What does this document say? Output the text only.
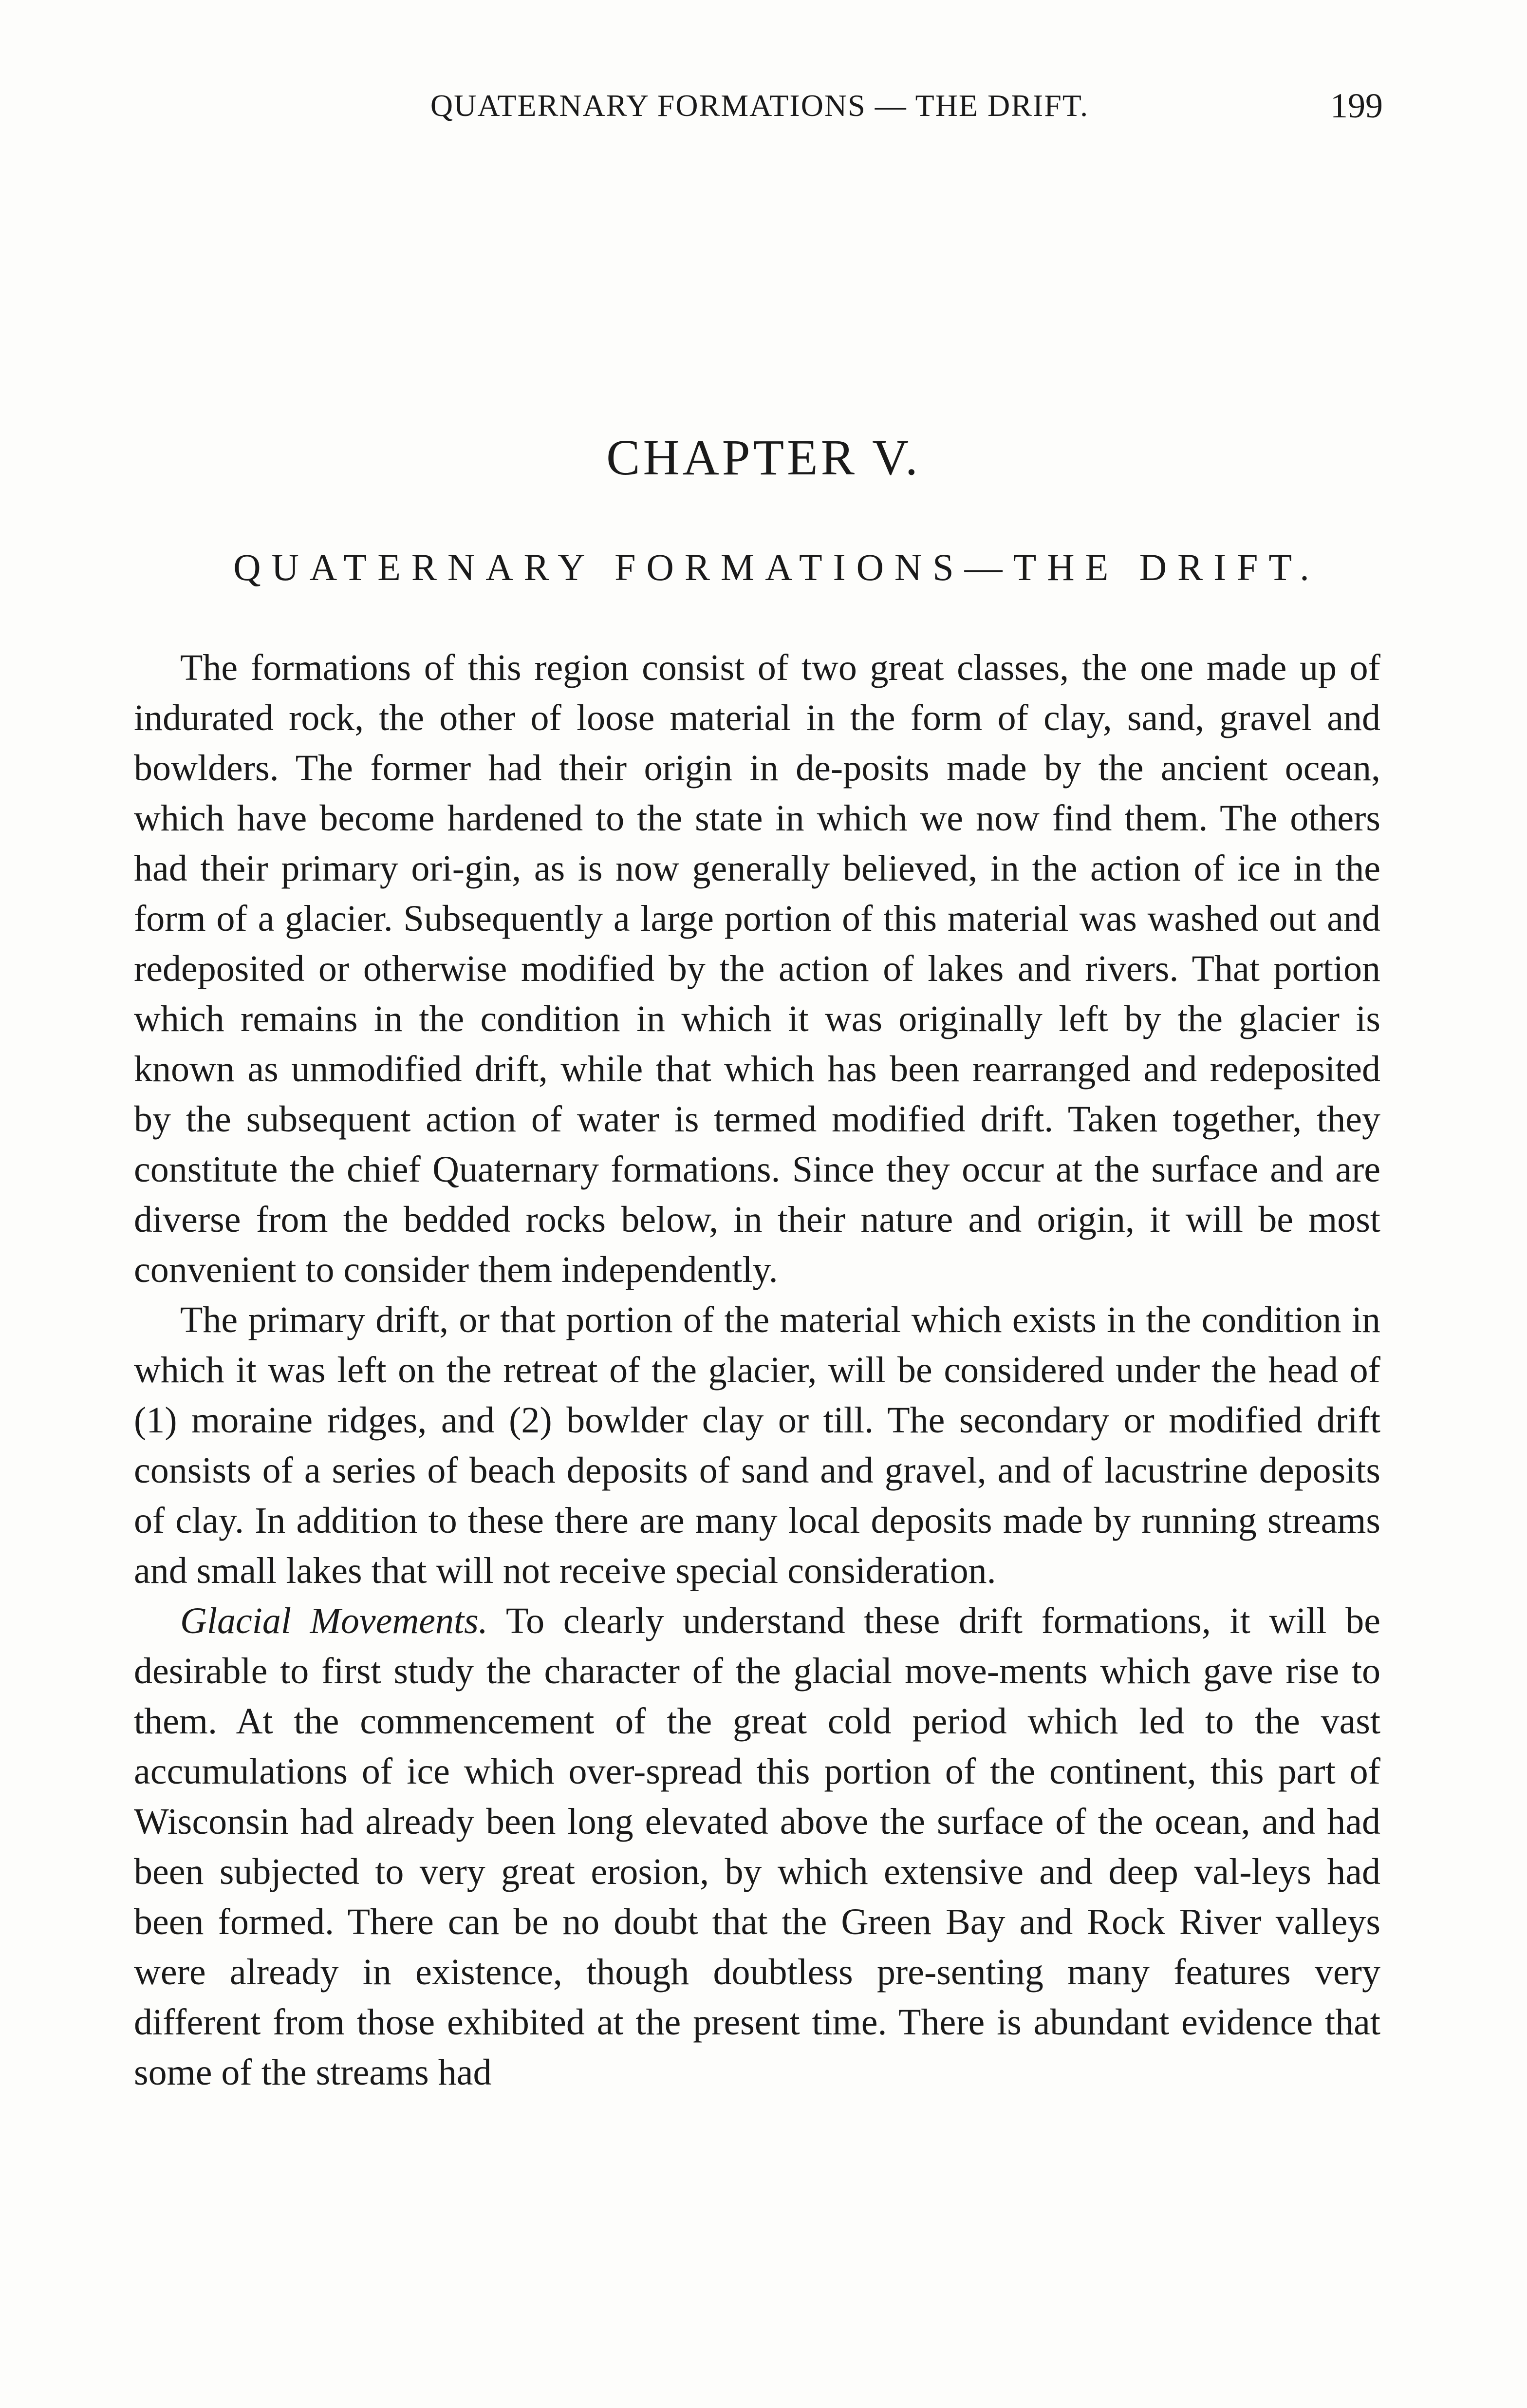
QUATERNARY FORMATIONS — THE DRIFT.	199
CHAPTER V.
QUATERNARY FORMATIONS—THE DRIFT.

The formations of this region consist of two great classes, the one made up of indurated rock, the other of loose material in the form of clay, sand, gravel and bowlders. The former had their origin in de-posits made by the ancient ocean, which have become hardened to the state in which we now find them. The others had their primary ori-gin, as is now generally believed, in the action of ice in the form of a glacier. Subsequently a large portion of this material was washed out and redeposited or otherwise modified by the action of lakes and rivers. That portion which remains in the condition in which it was originally left by the glacier is known as unmodified drift, while that which has been rearranged and redeposited by the subsequent action of water is termed modified drift. Taken together, they constitute the chief Quaternary formations. Since they occur at the surface and are diverse from the bedded rocks below, in their nature and origin, it will be most convenient to consider them independently.

The primary drift, or that portion of the material which exists in the condition in which it was left on the retreat of the glacier, will be considered under the head of (1) moraine ridges, and (2) bowlder clay or till. The secondary or modified drift consists of a series of beach deposits of sand and gravel, and of lacustrine deposits of clay. In addition to these there are many local deposits made by running streams and small lakes that will not receive special consideration.

Glacial Movements. To clearly understand these drift formations, it will be desirable to first study the character of the glacial move-ments which gave rise to them. At the commencement of the great cold period which led to the vast accumulations of ice which over-spread this portion of the continent, this part of Wisconsin had already been long elevated above the surface of the ocean, and had been subjected to very great erosion, by which extensive and deep val-leys had been formed. There can be no doubt that the Green Bay and Rock River valleys were already in existence, though doubtless pre-senting many features very different from those exhibited at the present time. There is abundant evidence that some of the streams had
